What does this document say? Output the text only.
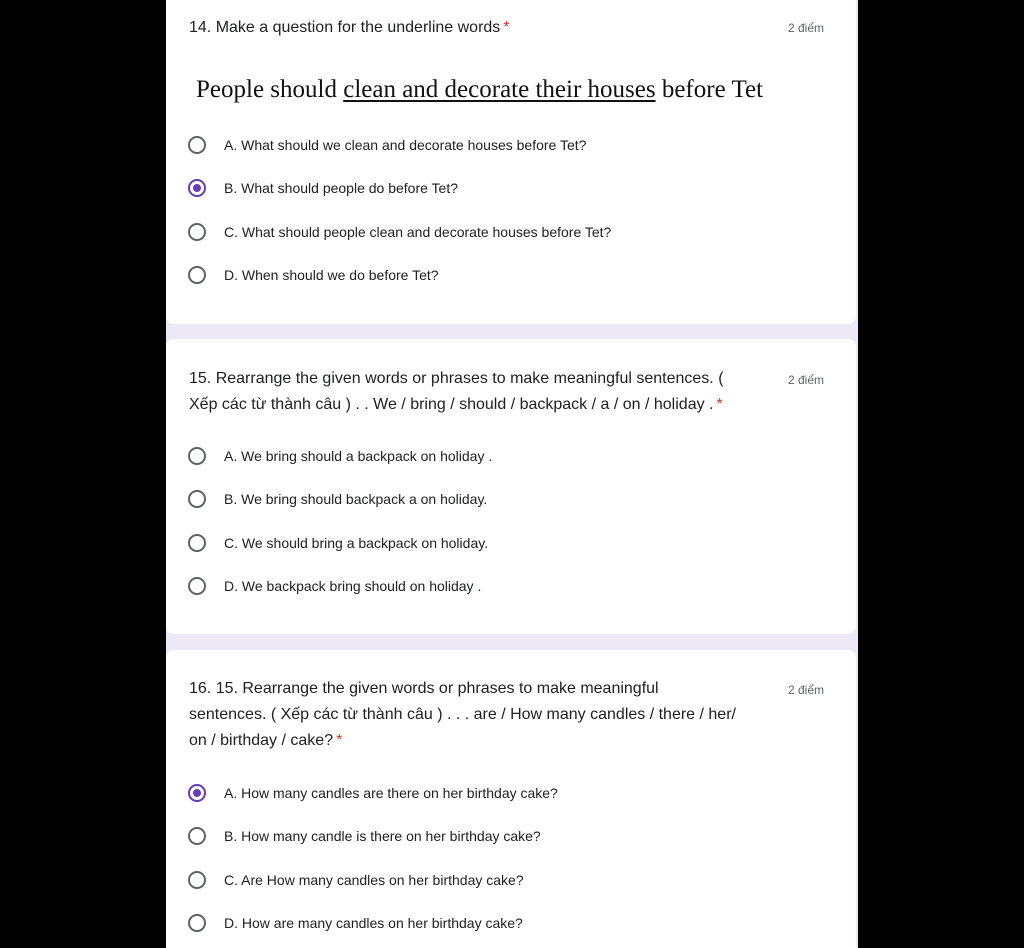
14. Make a question for the underline words *	2 điểm
People should clean and decorate their houses before Tet
A. What should we clean and decorate houses before Tet?
B. What should people do before Tet?
C. What should people clean and decorate houses before Tet?
D. When should we do before Tet?
15. Rearrange the given words or phrases to make meaningful sentences. (
Xếp các từ thành câu ) . . We / bring / should / backpack / a / on / holiday . *
2 điểm
A. We bring should a backpack on holiday .
B. We bring should backpack a on holiday.
C. We should bring a backpack on holiday.
D. We backpack bring should on holiday .
16. 15. Rearrange the given words or phrases to make meaningful
sentences. ( Xếp các từ thành câu ) . . . are / How many candles / there / her/
on / birthday / cake? *
2 điểm
A. How many candles are there on her birthday cake?
B. How many candle is there on her birthday cake?
C. Are How many candles on her birthday cake?
D. How are many candles on her birthday cake?
